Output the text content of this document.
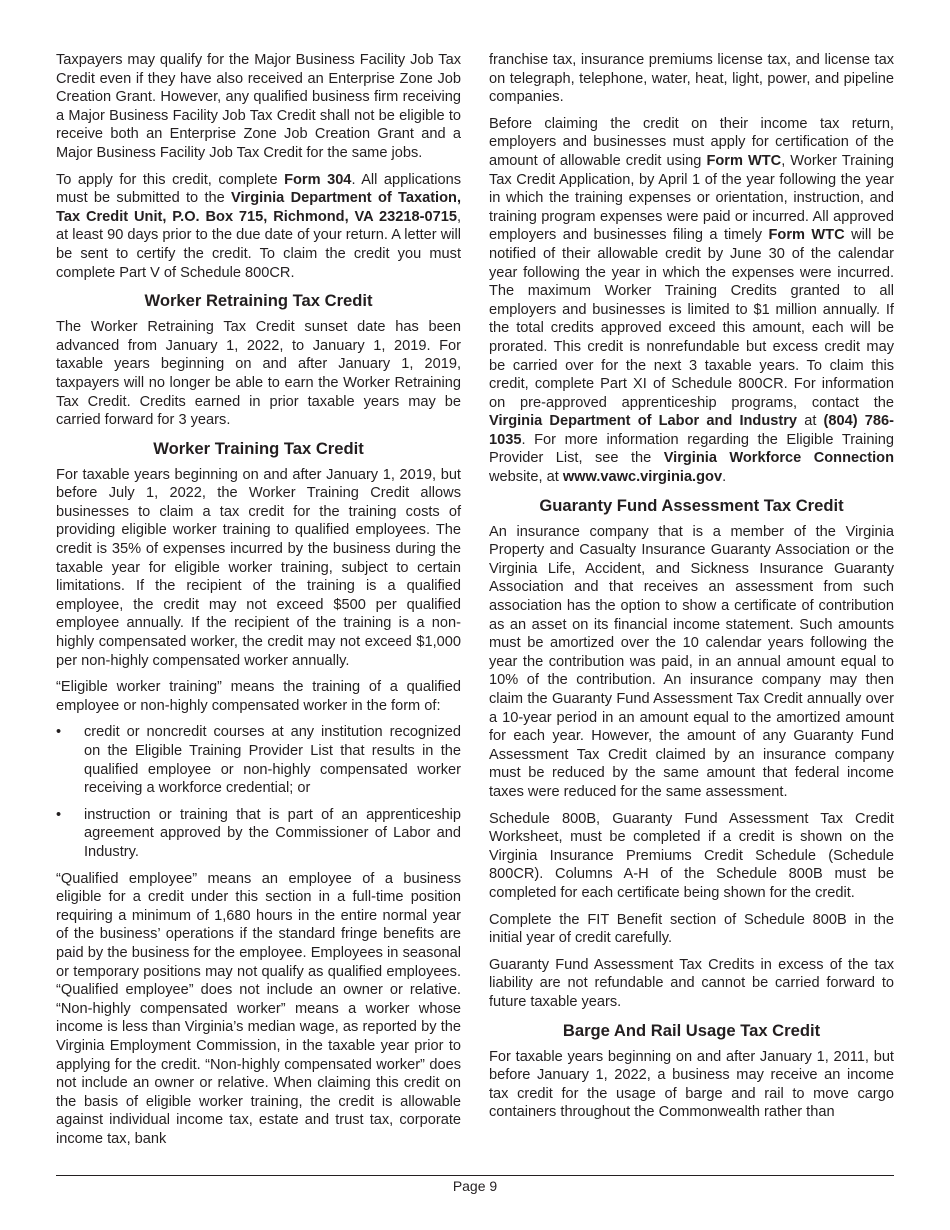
Taxpayers may qualify for the Major Business Facility Job Tax Credit even if they have also received an Enterprise Zone Job Creation Grant. However, any qualified business firm receiving a Major Business Facility Job Tax Credit shall not be eligible to receive both an Enterprise Zone Job Creation Grant and a Major Business Facility Job Tax Credit for the same jobs.

To apply for this credit, complete Form 304. All applications must be submitted to the Virginia Department of Taxation, Tax Credit Unit, P.O. Box 715, Richmond, VA 23218-0715, at least 90 days prior to the due date of your return. A letter will be sent to certify the credit. To claim the credit you must complete Part V of Schedule 800CR.

Worker Retraining Tax Credit

The Worker Retraining Tax Credit sunset date has been advanced from January 1, 2022, to January 1, 2019. For taxable years beginning on and after January 1, 2019, taxpayers will no longer be able to earn the Worker Retraining Tax Credit. Credits earned in prior taxable years may be carried forward for 3 years.

Worker Training Tax Credit

For taxable years beginning on and after January 1, 2019, but before July 1, 2022, the Worker Training Credit allows businesses to claim a tax credit for the training costs of providing eligible worker training to qualified employees. The credit is 35% of expenses incurred by the business during the taxable year for eligible worker training, subject to certain limitations. If the recipient of the training is a qualified employee, the credit may not exceed $500 per qualified employee annually. If the recipient of the training is a non-highly compensated worker, the credit may not exceed $1,000 per non-highly compensated worker annually.

“Eligible worker training” means the training of a qualified employee or non-highly compensated worker in the form of:

• credit or noncredit courses at any institution recognized on the Eligible Training Provider List that results in the qualified employee or non-highly compensated worker receiving a workforce credential; or
• instruction or training that is part of an apprenticeship agreement approved by the Commissioner of Labor and Industry.

“Qualified employee” means an employee of a business eligible for a credit under this section in a full-time position requiring a minimum of 1,680 hours in the entire normal year of the business’ operations if the standard fringe benefits are paid by the business for the employee. Employees in seasonal or temporary positions may not qualify as qualified employees. “Qualified employee” does not include an owner or relative. “Non-highly compensated worker” means a worker whose income is less than Virginia’s median wage, as reported by the Virginia Employment Commission, in the taxable year prior to applying for the credit. “Non-highly compensated worker” does not include an owner or relative. When claiming this credit on the basis of eligible worker training, the credit is allowable against individual income tax, estate and trust tax, corporate income tax, bank

franchise tax, insurance premiums license tax, and license tax on telegraph, telephone, water, heat, light, power, and pipeline companies.

Before claiming the credit on their income tax return, employers and businesses must apply for certification of the amount of allowable credit using Form WTC, Worker Training Tax Credit Application, by April 1 of the year following the year in which the training expenses or orientation, instruction, and training program expenses were paid or incurred. All approved employers and businesses filing a timely Form WTC will be notified of their allowable credit by June 30 of the calendar year following the year in which the expenses were incurred. The maximum Worker Training Credits granted to all employers and businesses is limited to $1 million annually. If the total credits approved exceed this amount, each will be prorated. This credit is nonrefundable but excess credit may be carried over for the next 3 taxable years. To claim this credit, complete Part XI of Schedule 800CR. For information on pre-approved apprenticeship programs, contact the Virginia Department of Labor and Industry at (804) 786-1035. For more information regarding the Eligible Training Provider List, see the Virginia Workforce Connection website, at www.vawc.virginia.gov.

Guaranty Fund Assessment Tax Credit

An insurance company that is a member of the Virginia Property and Casualty Insurance Guaranty Association or the Virginia Life, Accident, and Sickness Insurance Guaranty Association and that receives an assessment from such association has the option to show a certificate of contribution as an asset on its financial income statement. Such amounts must be amortized over the 10 calendar years following the year the contribution was paid, in an annual amount equal to 10% of the contribution. An insurance company may then claim the Guaranty Fund Assessment Tax Credit annually over a 10-year period in an amount equal to the amortized amount for each year. However, the amount of any Guaranty Fund Assessment Tax Credit claimed by an insurance company must be reduced by the same amount that federal income taxes were reduced for the same assessment.

Schedule 800B, Guaranty Fund Assessment Tax Credit Worksheet, must be completed if a credit is shown on the Virginia Insurance Premiums Credit Schedule (Schedule 800CR). Columns A-H of the Schedule 800B must be completed for each certificate being shown for the credit.

Complete the FIT Benefit section of Schedule 800B in the initial year of credit carefully.

Guaranty Fund Assessment Tax Credits in excess of the tax liability are not refundable and cannot be carried forward to future taxable years.

Barge And Rail Usage Tax Credit

For taxable years beginning on and after January 1, 2011, but before January 1, 2022, a business may receive an income tax credit for the usage of barge and rail to move cargo containers throughout the Commonwealth rather than

Page 9
